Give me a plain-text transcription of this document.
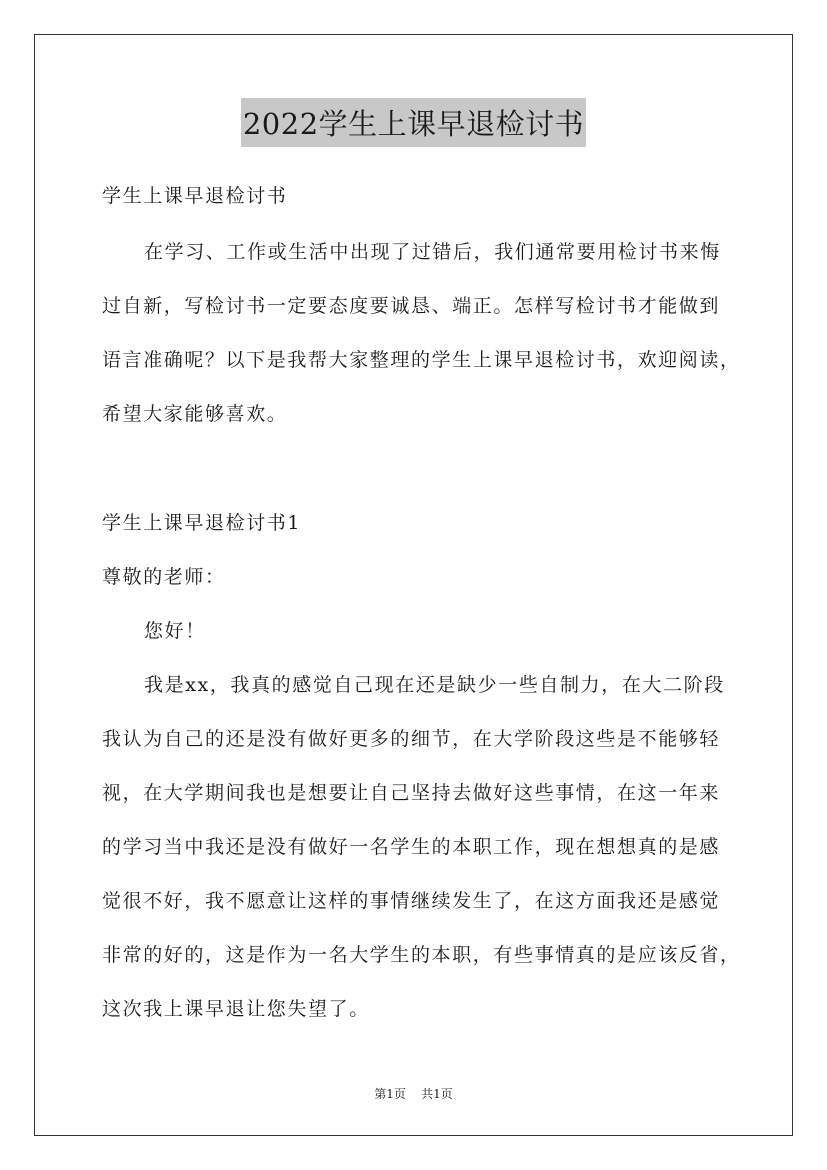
2022学生上课早退检讨书
学生上课早退检讨书
在学习、工作或生活中出现了过错后，我们通常要用检讨书来悔
过自新，写检讨书一定要态度要诚恳、端正。怎样写检讨书才能做到
语言准确呢？以下是我帮大家整理的学生上课早退检讨书，欢迎阅读，
希望大家能够喜欢。
学生上课早退检讨书1
尊敬的老师：
您好！
我是xx，我真的感觉自己现在还是缺少一些自制力，在大二阶段
我认为自己的还是没有做好更多的细节，在大学阶段这些是不能够轻
视，在大学期间我也是想要让自己坚持去做好这些事情，在这一年来
的学习当中我还是没有做好一名学生的本职工作，现在想想真的是感
觉很不好，我不愿意让这样的事情继续发生了，在这方面我还是感觉
非常的好的，这是作为一名大学生的本职，有些事情真的是应该反省，
这次我上课早退让您失望了。
第1页 共1页
